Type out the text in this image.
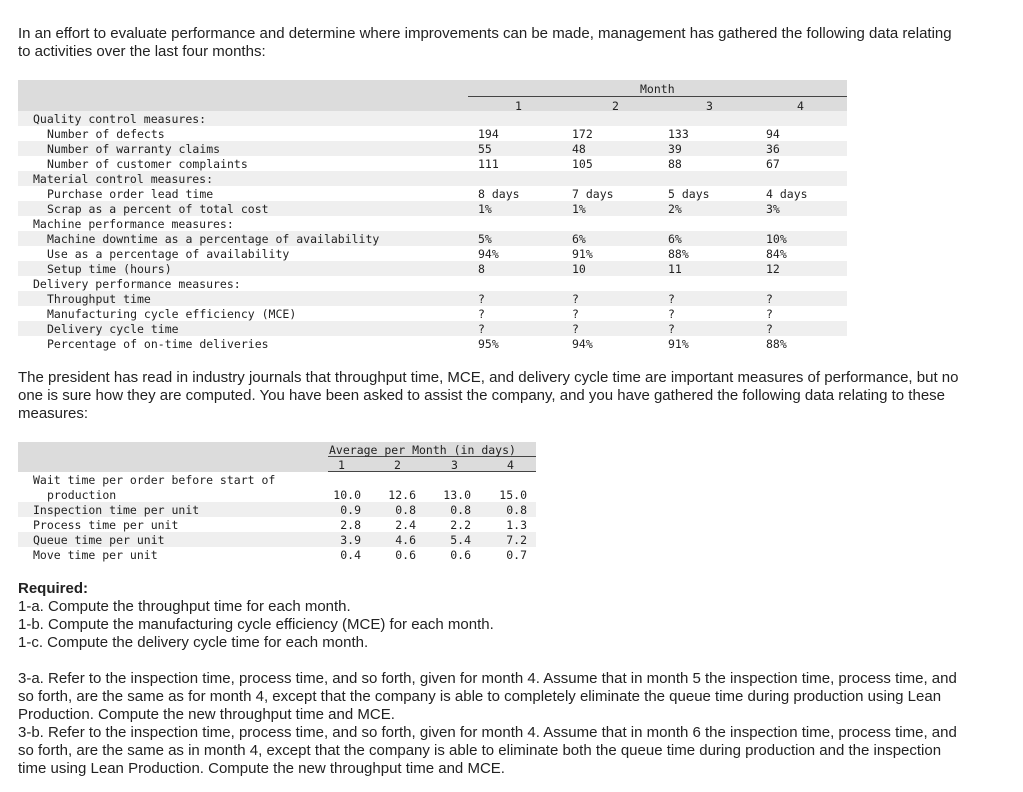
In an effort to evaluate performance and determine where improvements can be made, management has gathered the following data relating to activities over the last four months:

Month
1	2	3	4
Quality control measures:
Number of defects	194	172	133	94
Number of warranty claims	55	48	39	36
Number of customer complaints	111	105	88	67
Material control measures:
Purchase order lead time	8 days	7 days	5 days	4 days
Scrap as a percent of total cost	1%	1%	2%	3%
Machine performance measures:
Machine downtime as a percentage of availability	5%	6%	6%	10%
Use as a percentage of availability	94%	91%	88%	84%
Setup time (hours)	8	10	11	12
Delivery performance measures:
Throughput time	?	?	?	?
Manufacturing cycle efficiency (MCE)	?	?	?	?
Delivery cycle time	?	?	?	?
Percentage of on-time deliveries	95%	94%	91%	88%

The president has read in industry journals that throughput time, MCE, and delivery cycle time are important measures of performance, but no one is sure how they are computed. You have been asked to assist the company, and you have gathered the following data relating to these measures:

Average per Month (in days)
1	2	3	4
Wait time per order before start of
production	10.0 12.6 13.0 15.0
Inspection time per unit	0.9	0.8	0.8	0.8
Process time per unit	2.8	2.4	2.2	1.3
Queue time per unit	3.9	4.6	5.4	7.2
Move time per unit	0.4	0.6	0.6	0.7

Required:

1-a. Compute the throughput time for each month.

1-b. Compute the manufacturing cycle efficiency (MCE) for each month.

1-c. Compute the delivery cycle time for each month.

3-a. Refer to the inspection time, process time, and so forth, given for month 4. Assume that in month 5 the inspection time, process time, and so forth, are the same as for month 4, except that the company is able to completely eliminate the queue time during production using Lean Production. Compute the new throughput time and MCE.

3-b. Refer to the inspection time, process time, and so forth, given for month 4. Assume that in month 6 the inspection time, process time, and so forth, are the same as in month 4, except that the company is able to eliminate both the queue time during production and the inspection time using Lean Production. Compute the new throughput time and MCE.
